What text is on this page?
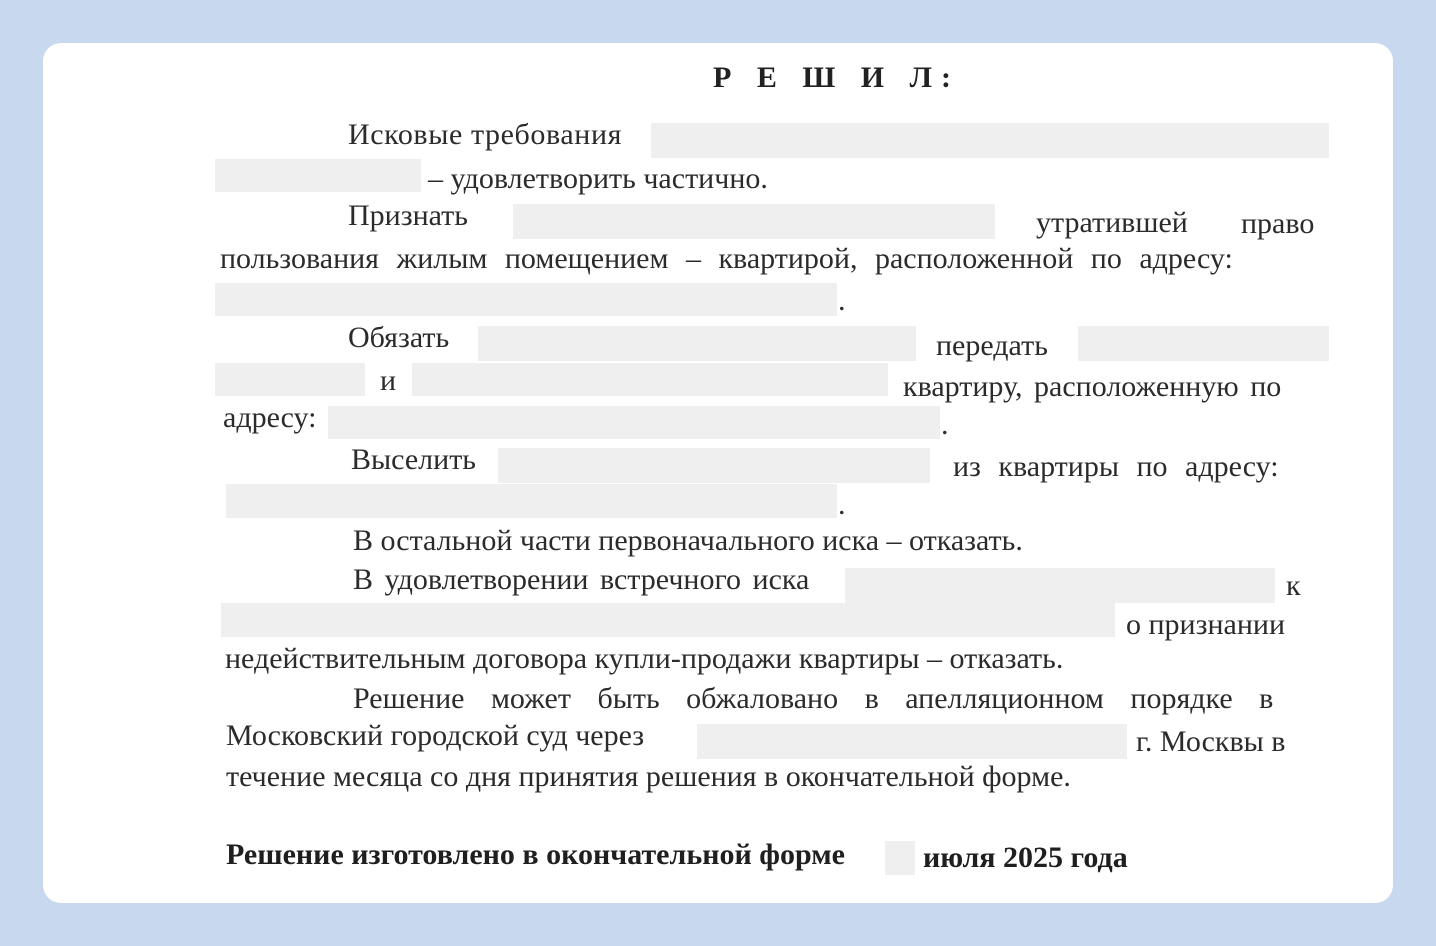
Р Е Ш И Л:
Исковые требования
– удовлетворить частично.
Признать	утратившей право
пользования жилым помещением – квартирой, расположенной по адресу:
.
Обязать	передать
и	квартиру, расположенную по
адресу:	.
Выселить	из квартиры по адресу:
.
В остальной части первоначального иска – отказать.
В удовлетворении встречного иска	к
о признании
недействительным договора купли-продажи квартиры – отказать.
Решение может быть обжаловано в апелляционном порядке в
Московский городской суд через	г. Москвы в
течение месяца со дня принятия решения в окончательной форме.
Решение изготовлено в окончательной форме	июля 2025 года
